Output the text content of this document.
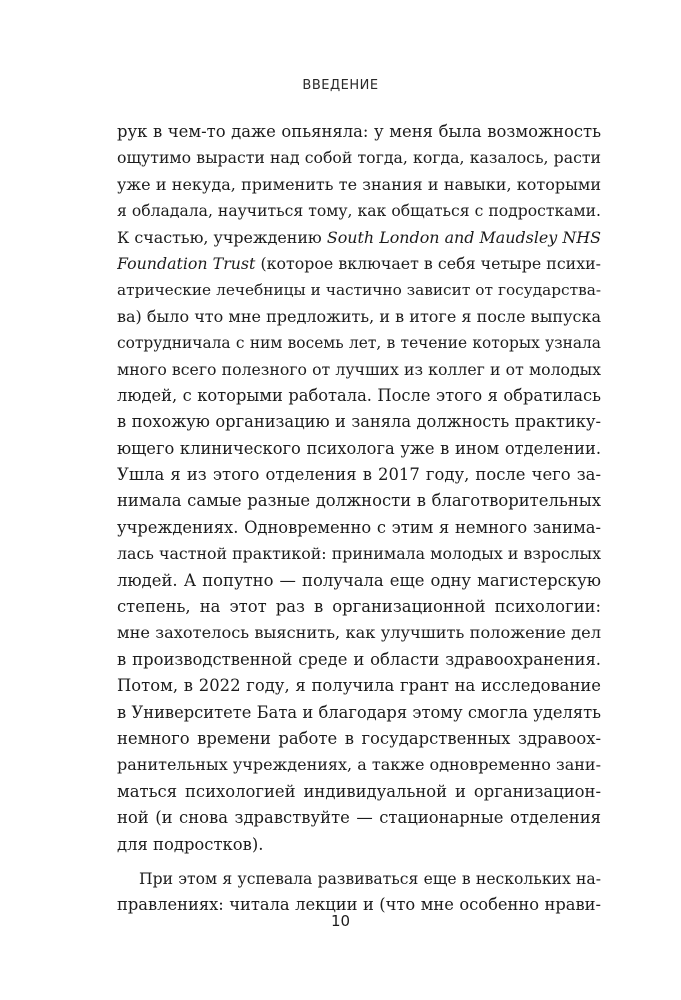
ВВЕДЕНИЕ
рук в чем-то даже опьяняла: у меня была возможность
ощутимо вырасти над собой тогда, когда, казалось, расти
уже и некуда, применить те знания и навыки, которыми
я обладала, научиться тому, как общаться с подростками.
К счастью, учреждению South London and Maudsley NHS
Foundation Trust (которое включает в себя четыре психи-
атрические лечебницы и частично зависит от государства-
ва) было что мне предложить, и в итоге я после выпуска
сотрудничала с ним восемь лет, в течение которых узнала
много всего полезного от лучших из коллег и от молодых
людей, с которыми работала. После этого я обратилась
в похожую организацию и заняла должность практику-
ющего клинического психолога уже в ином отделении.
Ушла я из этого отделения в 2017 году, после чего за-
нимала самые разные должности в благотворительных
учреждениях. Одновременно с этим я немного занима-
лась частной практикой: принимала молодых и взрослых
людей. А попутно — получала еще одну магистерскую
степень, на этот раз в организационной психологии:
мне захотелось выяснить, как улучшить положение дел
в производственной среде и области здравоохранения.
Потом, в 2022 году, я получила грант на исследование
в Университете Бата и благодаря этому смогла уделять
немного времени работе в государственных здравоох-
ранительных учреждениях, а также одновременно зани-
маться психологией индивидуальной и организацион-
ной (и снова здравствуйте — стационарные отделения
для подростков).
При этом я успевала развиваться еще в нескольких на-
правлениях: читала лекции и (что мне особенно нрави-
10
